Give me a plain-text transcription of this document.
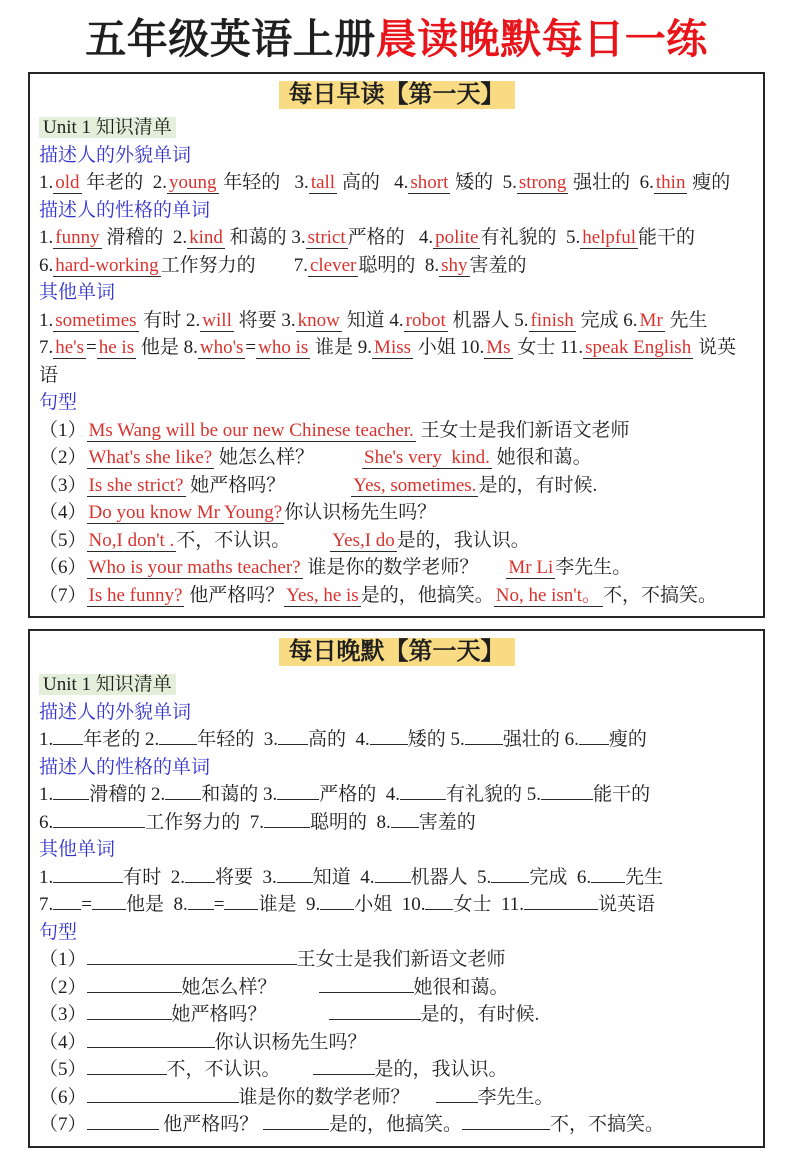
五年级英语上册晨读晚默每日一练
每日早读【第一天】
Unit 1 知识清单
描述人的外貌单词
1. old 年老的  2. young 年轻的   3. tall 高的   4. short 矮的  5. strong 强壮的  6. thin 瘦的
描述人的性格的单词
1. funny 滑稽的  2. kind 和蔼的 3. strict 严格的   4. polite 有礼貌的  5. helpful 能干的
6. hard-working 工作努力的 7. clever 聪明的  8. shy 害羞的
其他单词
1. sometimes 有时 2. will 将要 3. know 知道 4. robot 机器人 5. finish 完成 6. Mr 先生
7. he's = he is 他是 8. who's = who is 谁是 9. Miss 小姐 10. Ms 女士 11. speak English 说英语
句型
（1） Ms Wang will be our new Chinese teacher. 王女士是我们新语文老师
（2） What's she like? 她怎么样？	She's very  kind. 她很和蔼。
（3） Is she strict? 她严格吗？	Yes, sometimes. 是的，有时候.
（4） Do you know Mr Young? 你认识杨先生吗？
（5） No,I don't . 不，不认识。 Yes,I do 是的，我认识。
（6） Who is your maths teacher? 谁是你的数学老师？ Mr Li 李先生。
（7） Is he funny? 他严格吗？ Yes, he is 是的，他搞笑。 No, he isn't。 不，不搞笑。
每日晚默【第一天】
Unit 1 知识清单
描述人的外貌单词
1. 年老的 2. 年轻的  3. 高的  4. 矮的 5. 强壮的 6. 瘦的
描述人的性格的单词
1. 滑稽的 2. 和蔼的 3. 严格的  4. 有礼貌的 5.	能干的
6.	工作努力的  7. 聪明的  8. 害羞的
其他单词
1.	有时  2. 将要  3. 知道  4. 机器人  5. 完成  6. 先生
7. = 他是  8. = 谁是  9. 小姐  10. 女士  11.	说英语
句型
（1）	王女士是我们新语文老师
（2）	她怎么样？	她很和蔼。
（3）	她严格吗？	是的，有时候.
（4）	你认识杨先生吗？
（5）	不，不认识。	是的，我认识。
（6）	谁是你的数学老师？	李先生。
（7）	他严格吗？	是的，他搞笑。	不，不搞笑。
